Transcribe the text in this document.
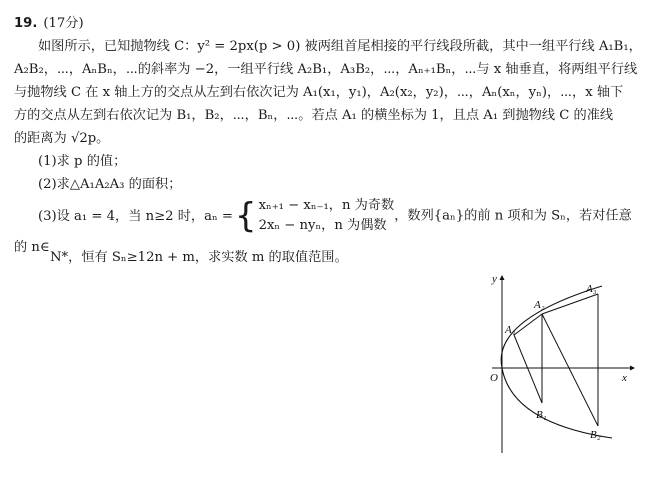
19. (17分)
如图所示，已知抛物线 C：y² = 2px(p > 0) 被两组首尾相接的平行线段所截，其中一组平行线 A₁B₁，
A₂B₂，⋯，AₙBₙ，⋯的斜率为 −2，一组平行线 A₂B₁，A₃B₂，⋯，Aₙ₊₁Bₙ，⋯与 x 轴垂直，将两组平行线
与抛物线 C 在 x 轴上方的交点从左到右依次记为 A₁(x₁，y₁)，A₂(x₂，y₂)，⋯，Aₙ(xₙ，yₙ)，⋯，x 轴下
方的交点从左到右依次记为 B₁，B₂，⋯，Bₙ，⋯。若点 A₁ 的横坐标为 1，且点 A₁ 到抛物线 C 的准线
的距离为 √2p。
(1)求 p 的值；
(2)求△A₁A₂A₃ 的面积；
(3)设 a₁ = 4，当 n≥2 时，aₙ = { xₙ₊₁ − xₙ₋₁，n 为奇数
2xₙ − nyₙ，n 为偶数
，数列{aₙ}的前 n 项和为 Sₙ，若对任意的 n∈
N*，恒有 Sₙ≥12n + m，求实数 m 的取值范围。
y
x
O
A₁
A₂
A₃
B₁
B₂
